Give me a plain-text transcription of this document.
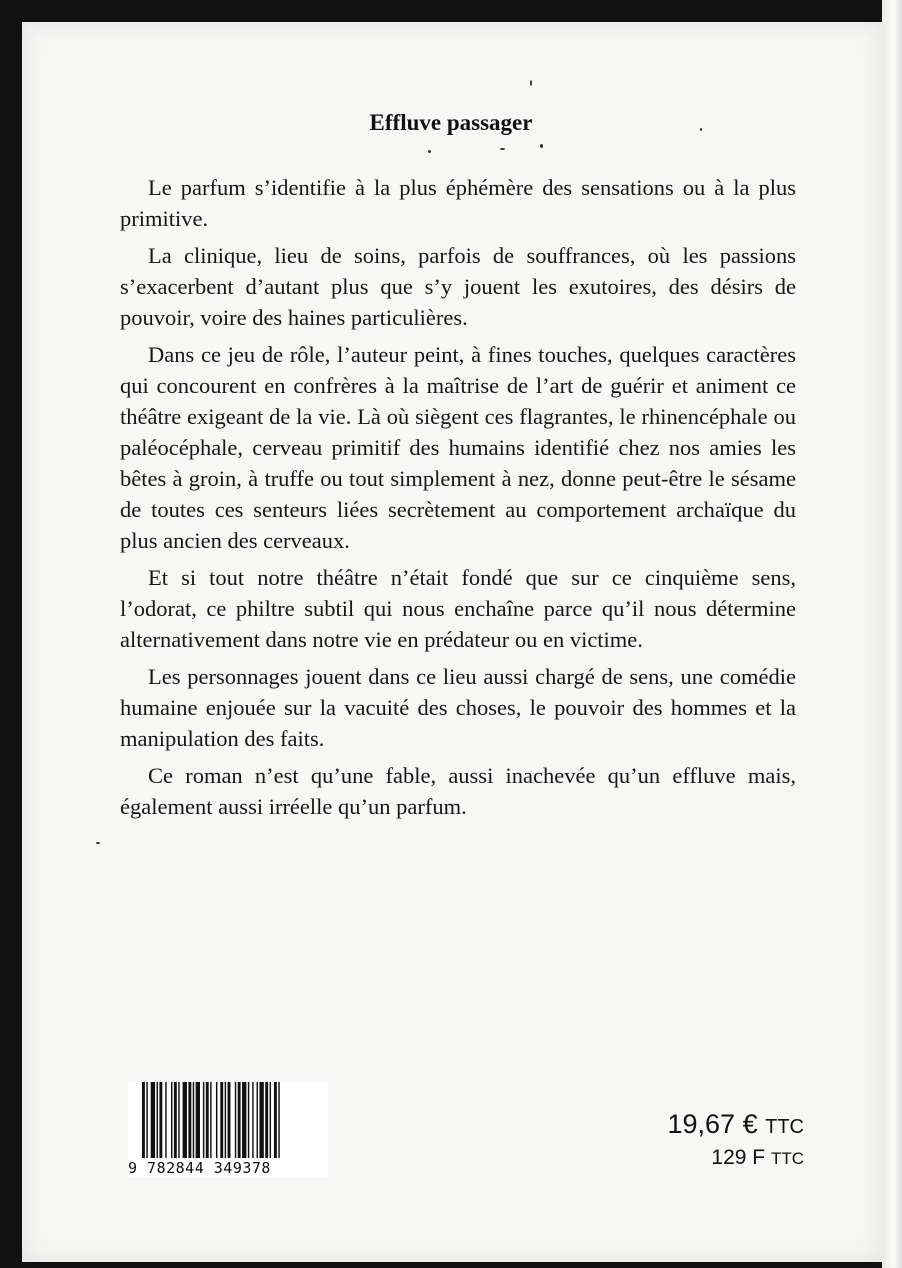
Effluve passager

Le parfum s’identifie à la plus éphémère des sensations ou à la plus primitive.

La clinique, lieu de soins, parfois de souffrances, où les passions s’exacerbent d’autant plus que s’y jouent les exutoires, des désirs de pouvoir, voire des haines particulières.

Dans ce jeu de rôle, l’auteur peint, à fines touches, quelques caractères qui concourent en confrères à la maîtrise de l’art de guérir et animent ce théâtre exigeant de la vie. Là où siègent ces flagrantes, le rhinencéphale ou paléocéphale, cerveau primitif des humains identifié chez nos amies les bêtes à groin, à truffe ou tout simplement à nez, donne peut-être le sésame de toutes ces senteurs liées secrètement au comportement archaïque du plus ancien des cerveaux.

Et si tout notre théâtre n’était fondé que sur ce cinquième sens, l’odorat, ce philtre subtil qui nous enchaîne parce qu’il nous détermine alternativement dans notre vie en prédateur ou en victime.

Les personnages jouent dans ce lieu aussi chargé de sens, une comédie humaine enjouée sur la vacuité des choses, le pouvoir des hommes et la manipulation des faits.

Ce roman n’est qu’une fable, aussi inachevée qu’un effluve mais, également aussi irréelle qu’un parfum.

9 782844 349378
19,67 € TTC
129 F TTC
